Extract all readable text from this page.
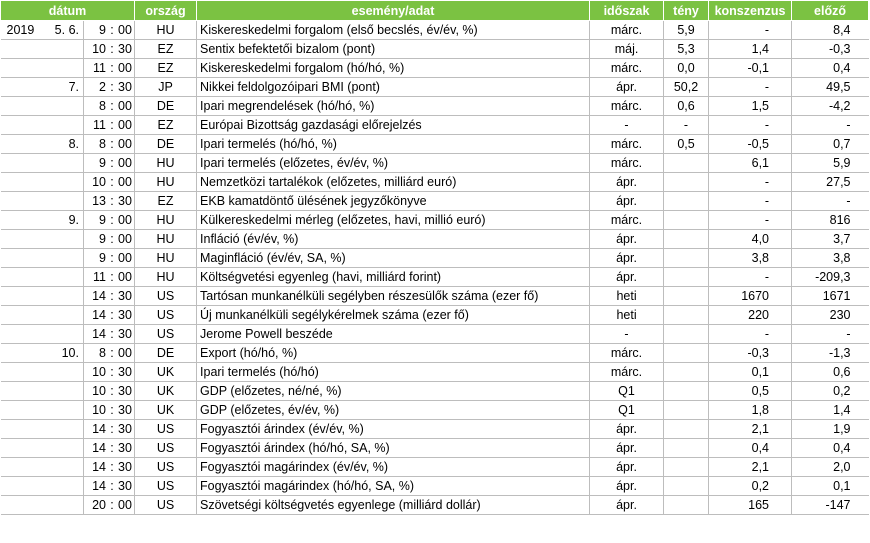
dátum			ország	esemény/adat	időszak	tény	konszenzus	előző
2019	5. 6.	9 : 00	HU	Kiskereskedelmi forgalom (első becslés, év/év, %)	márc.	5,9	-	8,4
		10 : 30	EZ	Sentix befektetői bizalom (pont)	máj.	5,3	1,4	-0,3
		11 : 00	EZ	Kiskereskedelmi forgalom (hó/hó, %)	márc.	0,0	-0,1	0,4
	7.	2 : 30	JP	Nikkei feldolgozóipari BMI (pont)	ápr.	50,2	-	49,5
		8 : 00	DE	Ipari megrendelések (hó/hó, %)	márc.	0,6	1,5	-4,2
		11 : 00	EZ	Európai Bizottság gazdasági előrejelzés	-	-	-	-
	8.	8 : 00	DE	Ipari termelés (hó/hó, %)	márc.	0,5	-0,5	0,7
		9 : 00	HU	Ipari termelés (előzetes, év/év, %)	márc.		6,1	5,9
		10 : 00	HU	Nemzetközi tartalékok (előzetes, milliárd euró)	ápr.		-	27,5
		13 : 30	EZ	EKB kamatdöntő ülésének jegyzőkönyve	ápr.		-	-
	9.	9 : 00	HU	Külkereskedelmi mérleg (előzetes, havi, millió euró)	márc.		-	816
		9 : 00	HU	Infláció (év/év, %)	ápr.		4,0	3,7
		9 : 00	HU	Maginfláció (év/év, SA, %)	ápr.		3,8	3,8
		11 : 00	HU	Költségvetési egyenleg (havi, milliárd forint)	ápr.		-	-209,3
		14 : 30	US	Tartósan munkanélküli segélyben részesülők száma (ezer fő)	heti		1670	1671
		14 : 30	US	Új munkanélküli segélykérelmek száma (ezer fő)	heti		220	230
		14 : 30	US	Jerome Powell beszéde	-		-	-
	10.	8 : 00	DE	Export (hó/hó, %)	márc.		-0,3	-1,3
		10 : 30	UK	Ipari termelés (hó/hó)	márc.		0,1	0,6
		10 : 30	UK	GDP (előzetes, né/né, %)	Q1		0,5	0,2
		10 : 30	UK	GDP (előzetes, év/év, %)	Q1		1,8	1,4
		14 : 30	US	Fogyasztói árindex (év/év, %)	ápr.		2,1	1,9
		14 : 30	US	Fogyasztói árindex (hó/hó, SA, %)	ápr.		0,4	0,4
		14 : 30	US	Fogyasztói magárindex (év/év, %)	ápr.		2,1	2,0
		14 : 30	US	Fogyasztói magárindex (hó/hó, SA, %)	ápr.		0,2	0,1
		20 : 00	US	Szövetségi költségvetés egyenlege (milliárd dollár)	ápr.		165	-147
